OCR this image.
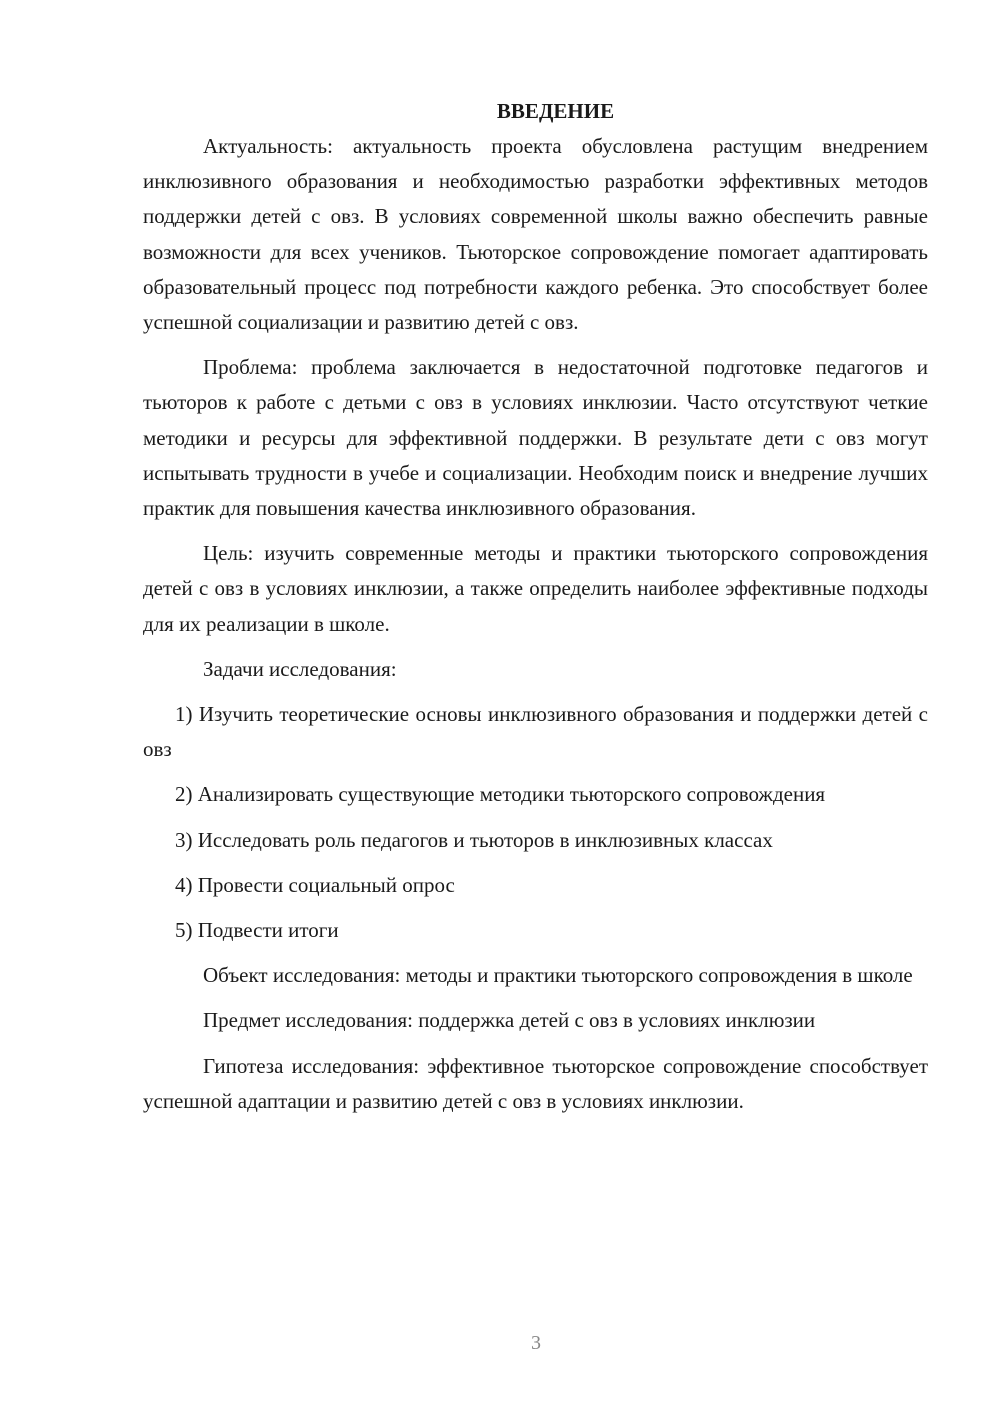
ВВЕДЕНИЕ

Актуальность: актуальность проекта обусловлена растущим внедрением инклюзивного образования и необходимостью разработки эффективных методов поддержки детей с овз. В условиях современной школы важно обеспечить равные возможности для всех учеников. Тьюторское сопровождение помогает адаптировать образовательный процесс под потребности каждого ребенка. Это способствует более успешной социализации и развитию детей с овз.

Проблема: проблема заключается в недостаточной подготовке педагогов и тьюторов к работе с детьми с овз в условиях инклюзии. Часто отсутствуют четкие методики и ресурсы для эффективной поддержки. В результате дети с овз могут испытывать трудности в учебе и социализации. Необходим поиск и внедрение лучших практик для повышения качества инклюзивного образования.

Цель: изучить современные методы и практики тьюторского сопровождения детей с овз в условиях инклюзии, а также определить наиболее эффективные подходы для их реализации в школе.

Задачи исследования:

1) Изучить теоретические основы инклюзивного образования и поддержки детей с овз

2) Анализировать существующие методики тьюторского сопровождения

3) Исследовать роль педагогов и тьюторов в инклюзивных классах

4) Провести социальный опрос

5) Подвести итоги

Объект исследования: методы и практики тьюторского сопровождения в школе

Предмет исследования: поддержка детей с овз в условиях инклюзии

Гипотеза исследования: эффективное тьюторское сопровождение способствует успешной адаптации и развитию детей с овз в условиях инклюзии.

3
